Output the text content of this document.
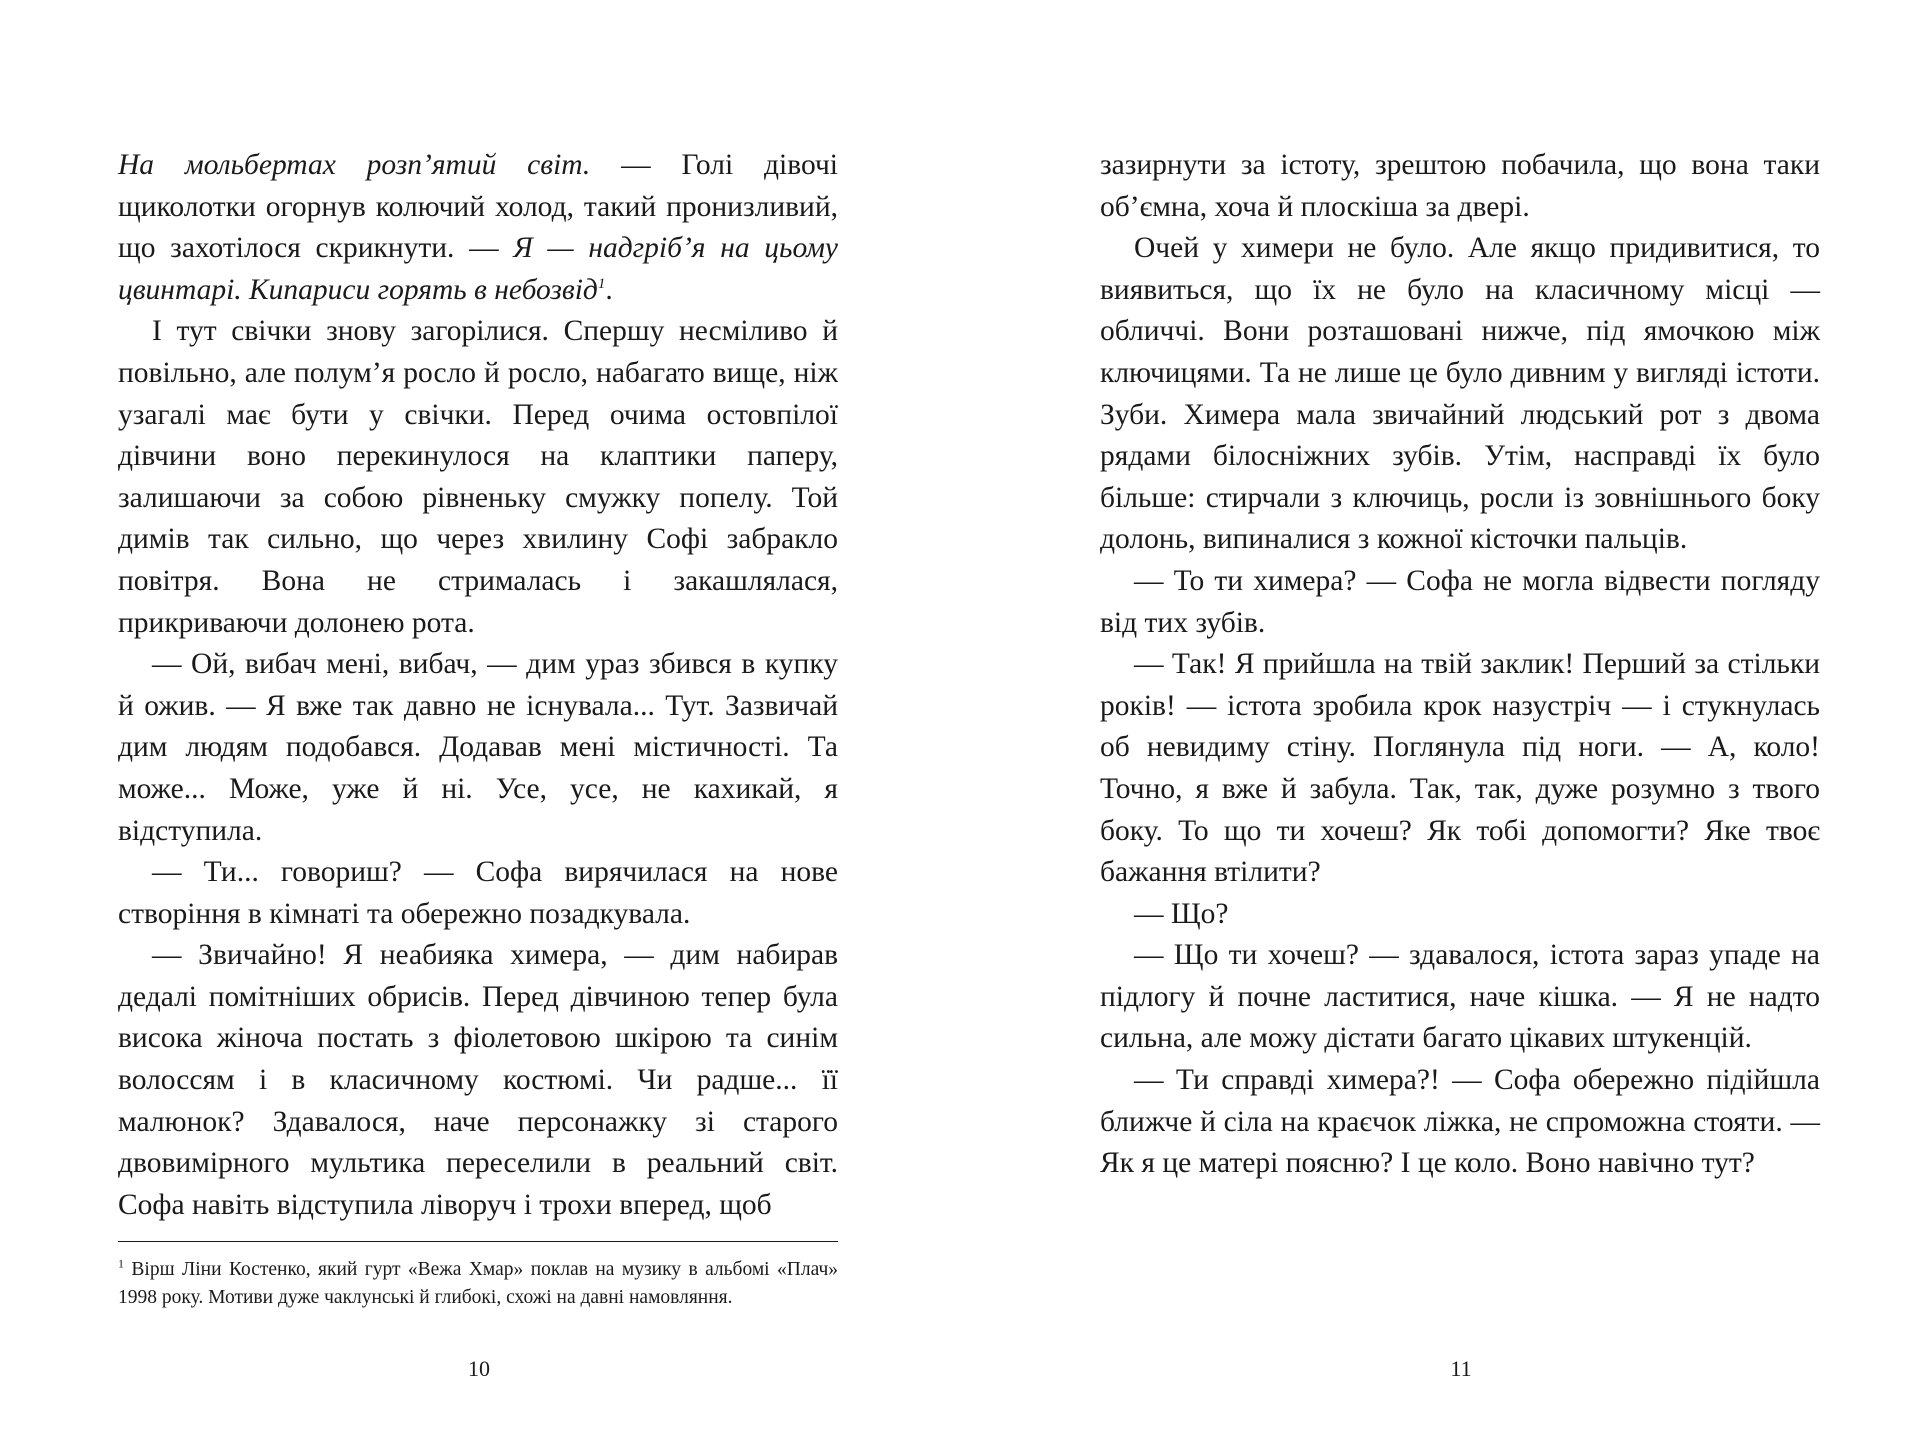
На мольбертах розп’ятий світ. — Голі дівочі щиколотки огорнув колючий холод, такий пронизливий, що захотілося скрикнути. — Я — надгріб’я на цьому цвинтарі. Кипариси горять в небозвід$^1$.

І тут свічки знову загорілися. Спершу несміливо й повільно, але полум’я росло й росло, набагато вище, ніж узагалі має бути у свічки. Перед очима остовпілої дівчини воно перекинулося на клаптики паперу, залишаючи за собою рівненьку смужку попелу. Той димів так сильно, що через хвилину Софі забракло повітря. Вона не стрималась і закашлялася, прикриваючи долонею рота.

— Ой, вибач мені, вибач, — дим ураз збився в купку й ожив. — Я вже так давно не існувала... Тут. Зазвичай дим людям подобався. Додавав мені містичності. Та може... Може, уже й ні. Усе, усе, не кахикай, я відступила.

— Ти... говориш? — Софа вирячилася на нове створіння в кімнаті та обережно позадкувала.

— Звичайно! Я неабияка химера, — дим набирав дедалі помітніших обрисів. Перед дівчиною тепер була висока жіноча постать з фіолетовою шкірою та синім волоссям і в класичному костюмі. Чи радше... її малюнок? Здавалося, наче персонажку зі старого двовимірного мультика переселили в реальний світ. Софа навіть відступила ліворуч і трохи вперед, щоб

$^1$ Вірш Ліни Костенко, який гурт «Вежа Хмар» поклав на музику в альбомі «Плач» 1998 року. Мотиви дуже чаклунські й глибокі, схожі на давні намовляння.

10

зазирнути за істоту, зрештою побачила, що вона таки об’ємна, хоча й плоскіша за двері.

Очей у химери не було. Але якщо придивитися, то виявиться, що їх не було на класичному місці — обличчі. Вони розташовані нижче, під ямочкою між ключицями. Та не лише це було дивним у вигляді істоти. Зуби. Химера мала звичайний людський рот з двома рядами білосніжних зубів. Утім, насправді їх було більше: стирчали з ключиць, росли із зовнішнього боку долонь, випиналися з кожної кісточки пальців.

— То ти химера? — Софа не могла відвести погляду від тих зубів.

— Так! Я прийшла на твій заклик! Перший за стільки років! — істота зробила крок назустріч — і стукнулась об невидиму стіну. Поглянула під ноги. — А, коло! Точно, я вже й забула. Так, так, дуже розумно з твого боку. То що ти хочеш? Як тобі допомогти? Яке твоє бажання втілити?

— Що?

— Що ти хочеш? — здавалося, істота зараз упаде на підлогу й почне ластитися, наче кішка. — Я не надто сильна, але можу дістати багато цікавих штукенцій.

— Ти справді химера?! — Софа обережно підійшла ближче й сіла на краєчок ліжка, не спроможна стояти. — Як я це матері поясню? І це коло. Воно навічно тут?

11
